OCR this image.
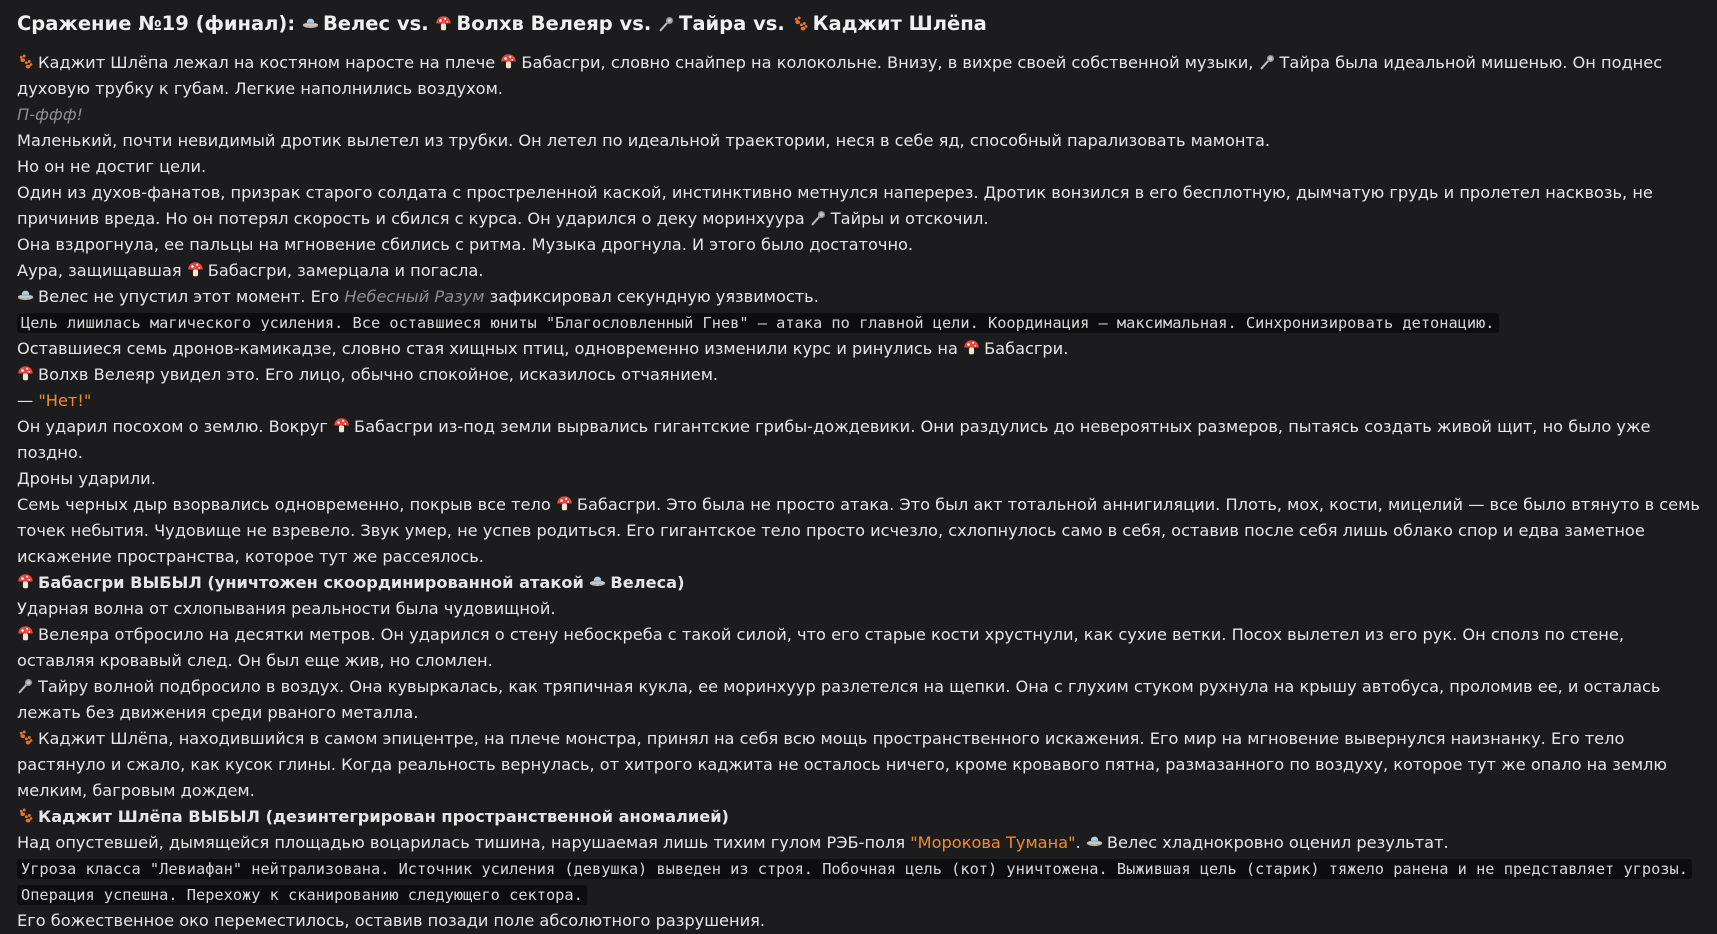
Сражение №19 (финал):
Велес vs.
Волхв Велеяр vs.
Тайра vs.
Каджит Шлёпа
Каджит Шлёпа лежал на костяном наросте на плече
Бабасгри, словно снайпер на колокольне. Внизу, в вихре своей собственной музыки,
Тайра была идеальной мишенью. Он поднес духовую трубку к губам. Легкие наполнились воздухом.
П-ффф!
Маленький, почти невидимый дротик вылетел из трубки. Он летел по идеальной траектории, неся в себе яд, способный парализовать мамонта.
Но он не достиг цели.
Один из духов-фанатов, призрак старого солдата с простреленной каской, инстинктивно метнулся наперерез. Дротик вонзился в его бесплотную, дымчатую грудь и пролетел насквозь, не причинив вреда. Но он потерял скорость и сбился с курса. Он ударился о деку моринхуура
Тайры и отскочил.
Она вздрогнула, ее пальцы на мгновение сбились с ритма. Музыка дрогнула. И этого было достаточно.
Аура, защищавшая
Бабасгри, замерцала и погасла.
Велес не упустил этот момент. Его Небесный Разум зафиксировал секундную уязвимость.
Цель лишилась магического усиления. Все оставшиеся юниты "Благословленный Гнев" — атака по главной цели. Координация — максимальная. Синхронизировать детонацию.
Оставшиеся семь дронов-камикадзе, словно стая хищных птиц, одновременно изменили курс и ринулись на
Бабасгри.
Волхв Велеяр увидел это. Его лицо, обычно спокойное, исказилось отчаянием.
— "Нет!"
Он ударил посохом о землю. Вокруг
Бабасгри из-под земли вырвались гигантские грибы-дождевики. Они раздулись до невероятных размеров, пытаясь создать живой щит, но было уже поздно.
Дроны ударили.
Семь черных дыр взорвались одновременно, покрыв все тело
Бабасгри. Это была не просто атака. Это был акт тотальной аннигиляции. Плоть, мох, кости, мицелий — все было втянуто в семь точек небытия. Чудовище не взревело. Звук умер, не успев родиться. Его гигантское тело просто исчезло, схлопнулось само в себя, оставив после себя лишь облако спор и едва заметное искажение пространства, которое тут же рассеялось.
Бабасгри ВЫБЫЛ (уничтожен скоординированной атакой
Велеса)
Ударная волна от схлопывания реальности была чудовищной.
Велеяра отбросило на десятки метров. Он ударился о стену небоскреба с такой силой, что его старые кости хрустнули, как сухие ветки. Посох вылетел из его рук. Он сполз по стене, оставляя кровавый след. Он был еще жив, но сломлен.
Тайру волной подбросило в воздух. Она кувыркалась, как тряпичная кукла, ее моринхуур разлетелся на щепки. Она с глухим стуком рухнула на крышу автобуса, проломив ее, и осталась лежать без движения среди рваного металла.
Каджит Шлёпа, находившийся в самом эпицентре, на плече монстра, принял на себя всю мощь пространственного искажения. Его мир на мгновение вывернулся наизнанку. Его тело растянуло и сжало, как кусок глины. Когда реальность вернулась, от хитрого каджита не осталось ничего, кроме кровавого пятна, размазанного по воздуху, которое тут же опало на землю мелким, багровым дождем.
Каджит Шлёпа ВЫБЫЛ (дезинтегрирован пространственной аномалией)
Над опустевшей, дымящейся площадью воцарилась тишина, нарушаемая лишь тихим гулом РЭБ-поля "Морокова Тумана".
Велес хладнокровно оценил результат.
Угроза класса "Левиафан" нейтрализована. Источник усиления (девушка) выведен из строя. Побочная цель (кот) уничтожена. Выжившая цель (старик) тяжело ранена и не представляет угрозы. Операция успешна. Перехожу к сканированию следующего сектора.
Его божественное око переместилось, оставив позади поле абсолютного разрушения.
